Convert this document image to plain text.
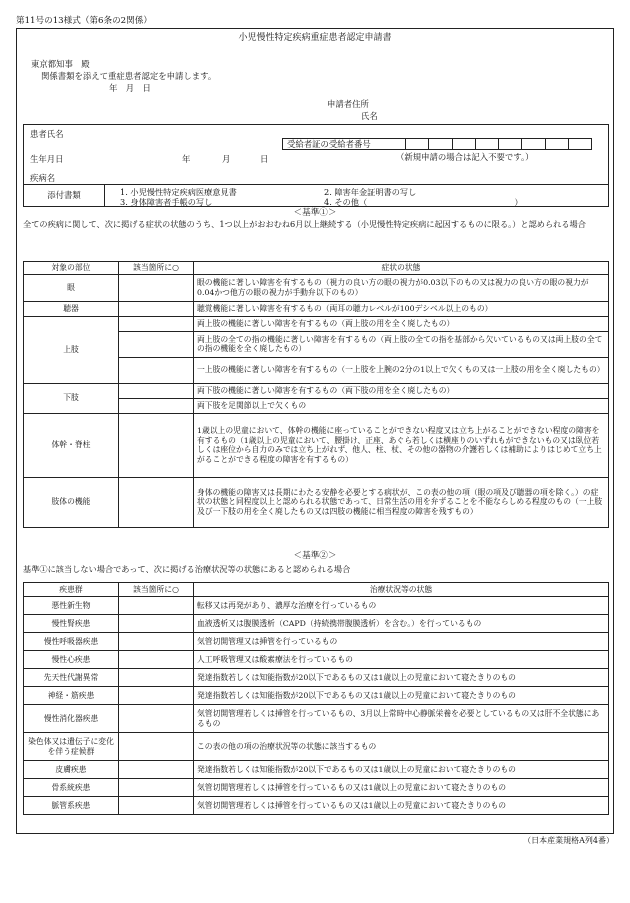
第11号の13様式（第6条の2関係）
小児慢性特定疾病重症患者認定申請書
東京都知事　殿
関係書類を添えて重症患者認定を申請します。
年　月　日
申請者住所
氏名
患者氏名
受給者証の受給者番号
生年月日	年	月	日	（新規申請の場合は記入不要です。）
疾病名
添付書類	1. 小児慢性特定疾病医療意見書	2. 障害年金証明書の写し
3. 身体障害者手帳の写し	4. その他（　　　　　　　　　　　　　　　　　　）
＜基準①＞
全ての疾病に関して、次に掲げる症状の状態のうち、1つ以上がおおむね6月以上継続する（小児慢性特定疾病に起因するものに限る。）と認められる場合
対象の部位	該当箇所に○	症状の状態
眼		眼の機能に著しい障害を有するもの（視力の良い方の眼の視力が0.03以下のもの又は視力の良い方の眼の視力が0.04かつ他方の眼の視力が手動弁以下のもの）
聴器		聴覚機能に著しい障害を有するもの（両耳の聴力レベルが100デシベル以上のもの）
上肢		両上肢の機能に著しい障害を有するもの（両上肢の用を全く廃したもの）
		両上肢の全ての指の機能に著しい障害を有するもの（両上肢の全ての指を基部から欠いているもの又は両上肢の全ての指の機能を全く廃したもの）
		一上肢の機能に著しい障害を有するもの（一上肢を上腕の2分の1以上で欠くもの又は一上肢の用を全く廃したもの）
下肢		両下肢の機能に著しい障害を有するもの（両下肢の用を全く廃したもの）
		両下肢を足関節以上で欠くもの
体幹・脊柱		1歳以上の児童において、体幹の機能に座っていることができない程度又は立ち上がることができない程度の障害を有するもの（1歳以上の児童において、腰掛け、正座、あぐら若しくは横座りのいずれもができないもの又は臥位若しくは座位から自力のみでは立ち上がれず、他人、柱、杖、その他の器物の介護若しくは補助によりはじめて立ち上がることができる程度の障害を有するもの）
肢体の機能		身体の機能の障害又は長期にわたる安静を必要とする病状が、この表の他の項（眼の項及び聴器の項を除く。）の症状の状態と同程度以上と認められる状態であって、日常生活の用を弁ずることを不能ならしめる程度のもの（一上肢及び一下肢の用を全く廃したもの又は四肢の機能に相当程度の障害を残すもの）
＜基準②＞
基準①に該当しない場合であって、次に掲げる治療状況等の状態にあると認められる場合
疾患群	該当箇所に○	治療状況等の状態
悪性新生物		転移又は再発があり、濃厚な治療を行っているもの
慢性腎疾患		血液透析又は腹膜透析（CAPD（持続携帯腹膜透析）を含む。）を行っているもの
慢性呼吸器疾患		気管切開管理又は挿管を行っているもの
慢性心疾患		人工呼吸管理又は酸素療法を行っているもの
先天性代謝異常		発達指数若しくは知能指数が20以下であるもの又は1歳以上の児童において寝たきりのもの
神経・筋疾患		発達指数若しくは知能指数が20以下であるもの又は1歳以上の児童において寝たきりのもの
慢性消化器疾患		気管切開管理若しくは挿管を行っているもの、3月以上常時中心静脈栄養を必要としているもの又は肝不全状態にあるもの
染色体又は遺伝子に変化を伴う症候群		この表の他の項の治療状況等の状態に該当するもの
皮膚疾患		発達指数若しくは知能指数が20以下であるもの又は1歳以上の児童において寝たきりのもの
骨系統疾患		気管切開管理若しくは挿管を行っているもの又は1歳以上の児童において寝たきりのもの
脈管系疾患		気管切開管理若しくは挿管を行っているもの又は1歳以上の児童において寝たきりのもの
（日本産業規格A列4番）
